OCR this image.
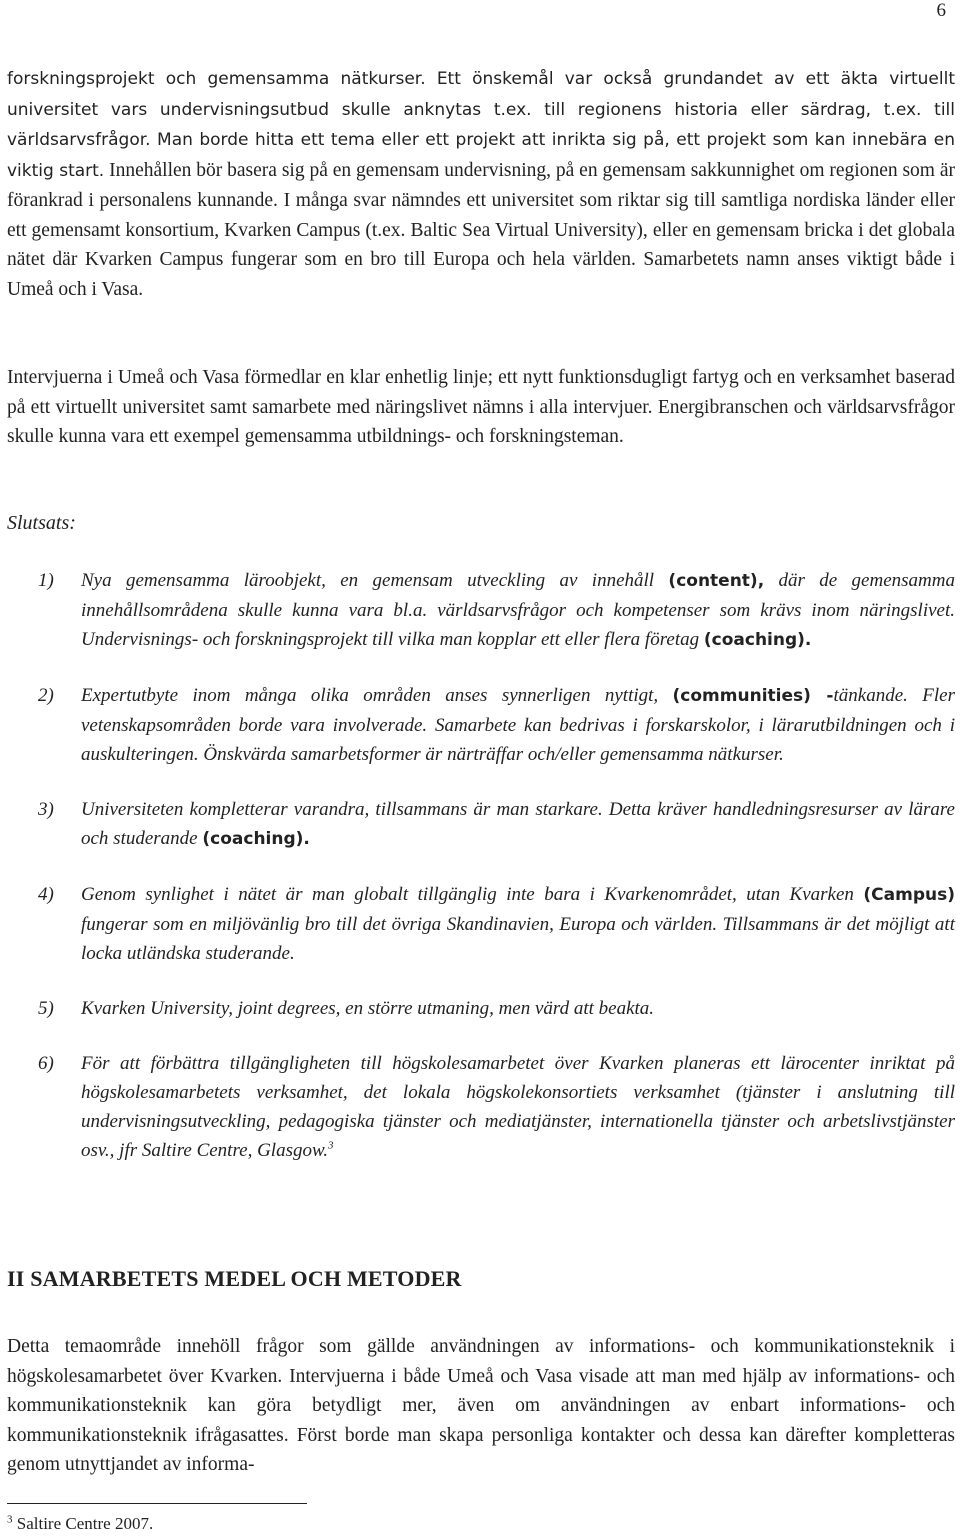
6

forskningsprojekt och gemensamma nätkurser. Ett önskemål var också grundandet av ett äkta virtuellt universitet vars undervisningsutbud skulle anknytas t.ex. till regionens historia eller särdrag, t.ex. till världsarvsfrågor. Man borde hitta ett tema eller ett projekt att inrikta sig på, ett projekt som kan innebära en viktig start. Innehållen bör basera sig på en gemensam undervisning, på en gemensam sakkunnighet om regionen som är förankrad i personalens kunnande. I många svar nämndes ett universitet som riktar sig till samtliga nordiska länder eller ett gemensamt konsortium, Kvarken Campus (t.ex. Baltic Sea Virtual University), eller en gemensam bricka i det globala nätet där Kvarken Campus fungerar som en bro till Europa och hela världen. Samarbetets namn anses viktigt både i Umeå och i Vasa.

Intervjuerna i Umeå och Vasa förmedlar en klar enhetlig linje; ett nytt funktionsdugligt fartyg och en verksamhet baserad på ett virtuellt universitet samt samarbete med näringslivet nämns i alla intervjuer. Energibranschen och världsarvsfrågor skulle kunna vara ett exempel gemensamma utbildnings- och forskningsteman.

Slutsats:
1) Nya gemensamma läroobjekt, en gemensam utveckling av innehåll (content), där de gemensamma innehållsområdena skulle kunna vara bl.a. världsarvsfrågor och kompetenser som krävs inom näringslivet. Undervisnings- och forskningsprojekt till vilka man kopplar ett eller flera företag (coaching).
2) Expertutbyte inom många olika områden anses synnerligen nyttigt, (communities) -tänkande. Fler vetenskapsområden borde vara involverade. Samarbete kan bedrivas i forskarskolor, i lärarutbildningen och i auskulteringen. Önskvärda samarbetsformer är närträffar och/eller gemensamma nätkurser.
3) Universiteten kompletterar varandra, tillsammans är man starkare. Detta kräver handledningsresurser av lärare och studerande (coaching).
4) Genom synlighet i nätet är man globalt tillgänglig inte bara i Kvarkenområdet, utan Kvarken (Campus) fungerar som en miljövänlig bro till det övriga Skandinavien, Europa och världen. Tillsammans är det möjligt att locka utländska studerande.
5) Kvarken University, joint degrees, en större utmaning, men värd att beakta.
6) För att förbättra tillgängligheten till högskolesamarbetet över Kvarken planeras ett lärocenter inriktat på högskolesamarbetets verksamhet, det lokala högskolekonsortiets verksamhet (tjänster i anslutning till undervisningsutveckling, pedagogiska tjänster och mediatjänster, internationella tjänster och arbetslivstjänster osv., jfr Saltire Centre, Glasgow.$^3$
II SAMARBETETS MEDEL OCH METODER

Detta temaområde innehöll frågor som gällde användningen av informations- och kommunikationsteknik i högskolesamarbetet över Kvarken. Intervjuerna i både Umeå och Vasa visade att man med hjälp av informations- och kommunikationsteknik kan göra betydligt mer, även om användningen av enbart informations- och kommunikationsteknik ifrågasattes. Först borde man skapa personliga kontakter och dessa kan därefter kompletteras genom utnyttjandet av informa-

$^3$ Saltire Centre 2007.
